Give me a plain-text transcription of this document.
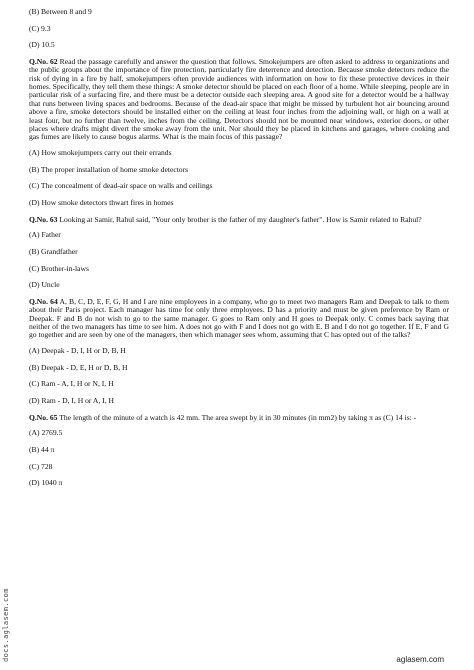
(B) Between 8 and 9

(C) 9.3

(D) 10.5

Q.No. 62 Read the passage carefully and answer the question that follows. Smokejumpers are often asked to address to organizations and the public groups about the importance of fire protection, particularly fire deterrence and detection. Because smoke detectors reduce the risk of dying in a fire by half, smokejumpers often provide audiences with information on how to fix these protective devices in their homes. Specifically, they tell them these things: A smoke detector should be placed on each floor of a home. While sleeping, people are in particular risk of a surfacing fire, and there must be a detector outside each sleeping area. A good site for a detector would be a hallway that runs between living spaces and bedrooms. Because of the dead-air space that might be missed by turbulent hot air bouncing around above a fire, smoke detectors should be installed either on the ceiling at least four inches from the adjoining wall, or high on a wall at least four, but no further than twelve, inches from the ceiling. Detectors should not be mounted near windows, exterior doors, or other places where drafts might divert the smoke away from the unit. Nor should they be placed in kitchens and garages, where cooking and gas fumes are likely to cause bogus alarms. What is the main focus of this passage?

(A) How smokejumpers carry out their errands

(B) The proper installation of home smoke detectors

(C) The concealment of dead-air space on walls and ceilings

(D) How smoke detectors thwart fires in homes

Q.No. 63 Looking at Samir, Rahul said, "Your only brother is the father of my daughter's father". How is Samir related to Rahul?

(A) Father

(B) Grandfather

(C) Brother-in-laws

(D) Uncle

Q.No. 64 A, B, C, D, E, F, G, H and I are nine employees in a company, who go to meet two managers Ram and Deepak to talk to them about their Paris project. Each manager has time for only three employees. D has a priority and must be given preference by Ram or Deepak. F and B do not wish to go to the same manager. G goes to Ram only and H goes to Deepak only. C comes back saying that neither of the two managers has time to see him. A does not go with F and I does not go with E. B and I do not go together. If E, F and G go together and are seen by one of the managers, then which manager sees whom, assuming that C has opted out of the talks?

(A) Deepak - D, I, H or D, B, H

(B) Deepak - D, E, H or D, B, H

(C) Ram - A, I, H or N, I, H

(D) Ram - D, I, H or A, I, H

Q.No. 65 The length of the minute of a watch is 42 mm. The area swept by it in 30 minutes (in mm2) by taking π as (C) 14 is: -

(A) 2769.5

(B) 44 π

(C) 728

(D) 1040 π

docs.aglasem.com	aglasem.com
